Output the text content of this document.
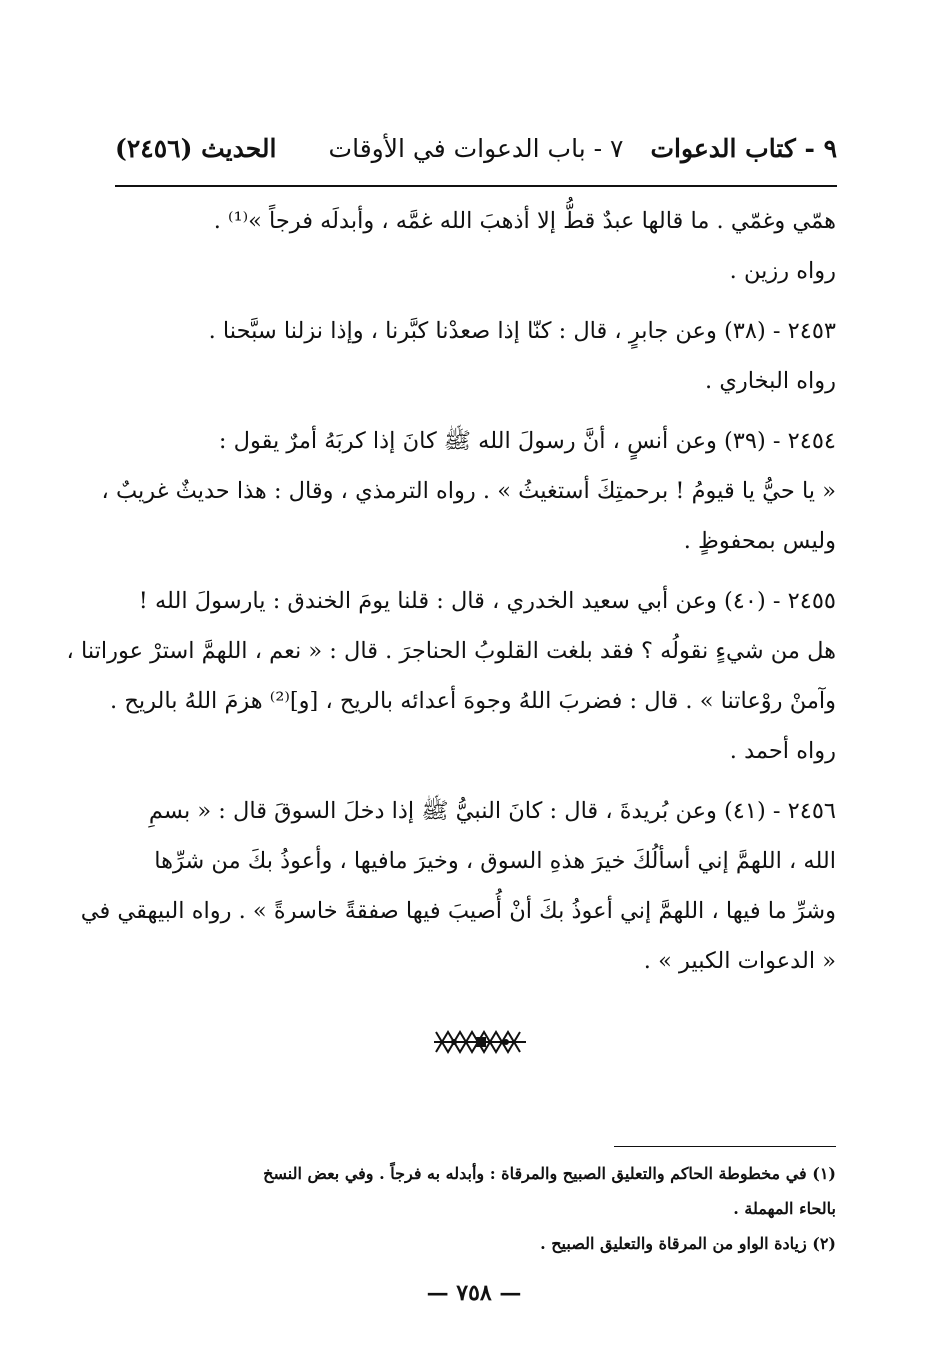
٩ - كتاب الدعوات
٧ - باب الدعوات في الأوقات
الحديث (٢٤٥٦)
همّي وغمّي . ما قالها عبدٌ قطُّ إلا أذهبَ الله غمَّه ، وأبدلَه فرجاً »⁽¹⁾ .
رواه رزين .
٢٤٥٣ - (٣٨) وعن جابرٍ ، قال : كنّا إذا صعدْنا كبَّرنا ، وإذا نزلنا سبَّحنا .
رواه البخاري .
٢٤٥٤ - (٣٩) وعن أنسٍ ، أنَّ رسولَ الله ﷺ كانَ إذا كربَهُ أمرٌ يقول :
« يا حيُّ يا قيومُ ! برحمتِكَ أستغيثُ » . رواه الترمذي ، وقال : هذا حديثٌ غريبٌ ،
وليس بمحفوظٍ .
٢٤٥٥ - (٤٠) وعن أبي سعيد الخدري ، قال : قلنا يومَ الخندق : يارسولَ الله !
هل من شيءٍ نقولُه ؟ فقد بلغت القلوبُ الحناجرَ . قال : « نعم ، اللهمَّ استرْ عوراتنا ،
وآمنْ روْعاتنا » . قال : فضربَ اللهُ وجوهَ أعدائه بالريح ، [و]⁽²⁾ هزمَ اللهُ بالريح .
رواه أحمد .
٢٤٥٦ - (٤١) وعن بُريدةَ ، قال : كانَ النبيُّ ﷺ إذا دخلَ السوقَ قال : « بسمِ
الله ، اللهمَّ إني أسألُكَ خيرَ هذهِ السوق ، وخيرَ مافيها ، وأعوذُ بكَ من شرِّها
وشرِّ ما فيها ، اللهمَّ إني أعوذُ بكَ أنْ أُصيبَ فيها صفقةً خاسرةً » . رواه البيهقي في
« الدعوات الكبير » .
(١) في مخطوطة الحاكم والتعليق الصبيح والمرقاة : وأبدله به فرجاً . وفي بعض النسخ
بالحاء المهملة .
(٢) زيادة الواو من المرقاة والتعليق الصبيح .
— ٧٥٨ —
